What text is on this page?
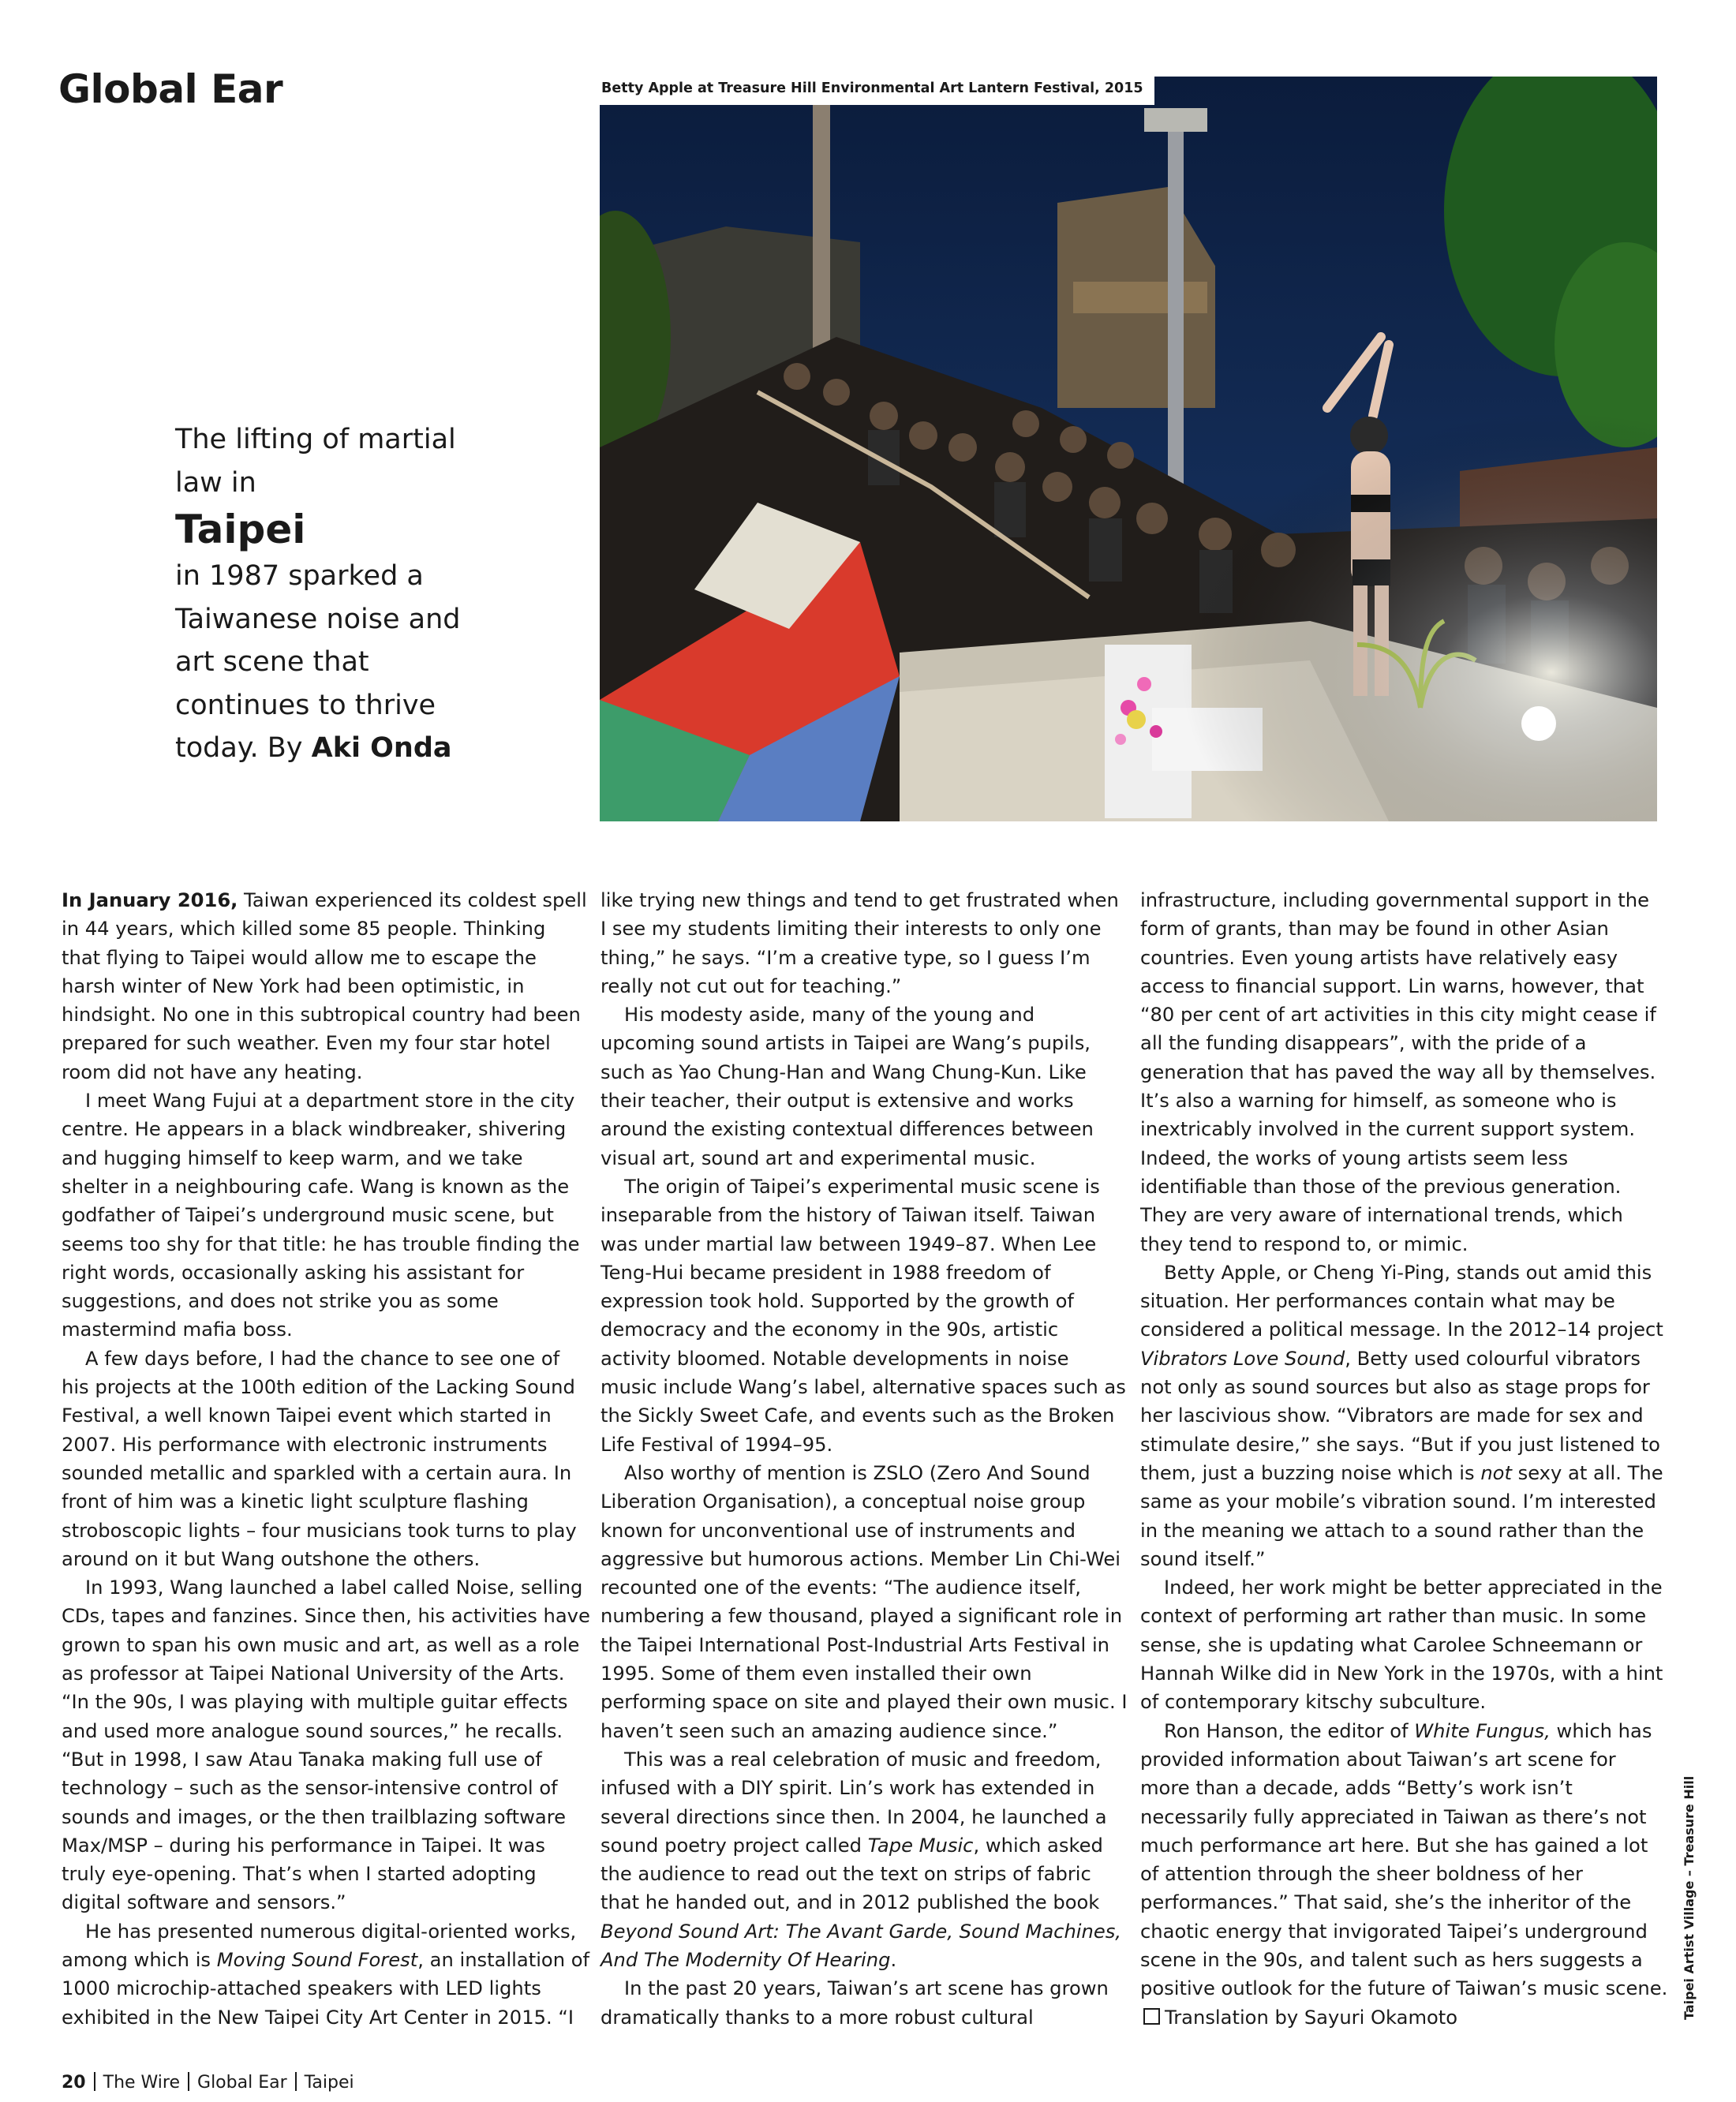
Global Ear	Betty Apple at Treasure Hill Environmental Art Lantern Festival, 2015
The lifting of martial law in
Taipei
in 1987 sparked a Taiwanese noise and art scene that continues to thrive today. By Aki Onda

In January 2016, Taiwan experienced its coldest spell in 44 years, which killed some 85 people. Thinking that flying to Taipei would allow me to escape the harsh winter of New York had been optimistic, in hindsight. No one in this subtropical country had been prepared for such weather. Even my four star hotel room did not have any heating.

I meet Wang Fujui at a department store in the city centre. He appears in a black windbreaker, shivering and hugging himself to keep warm, and we take shelter in a neighbouring cafe. Wang is known as the godfather of Taipei’s underground music scene, but seems too shy for that title: he has trouble finding the right words, occasionally asking his assistant for suggestions, and does not strike you as some mastermind mafia boss.

A few days before, I had the chance to see one of his projects at the 100th edition of the Lacking Sound Festival, a well known Taipei event which started in 2007. His performance with electronic instruments sounded metallic and sparkled with a certain aura. In front of him was a kinetic light sculpture flashing stroboscopic lights – four musicians took turns to play around on it but Wang outshone the others.

In 1993, Wang launched a label called Noise, selling CDs, tapes and fanzines. Since then, his activities have grown to span his own music and art, as well as a role as professor at Taipei National University of the Arts. “In the 90s, I was playing with multiple guitar effects and used more analogue sound sources,” he recalls. “But in 1998, I saw Atau Tanaka making full use of technology – such as the sensor-intensive control of sounds and images, or the then trailblazing software Max/MSP – during his performance in Taipei. It was truly eye-opening. That’s when I started adopting digital software and sensors.”

He has presented numerous digital-oriented works, among which is Moving Sound Forest, an installation of 1000 microchip-attached speakers with LED lights exhibited in the New Taipei City Art Center in 2015. “I

like trying new things and tend to get frustrated when I see my students limiting their interests to only one thing,” he says. “I’m a creative type, so I guess I’m really not cut out for teaching.”

His modesty aside, many of the young and upcoming sound artists in Taipei are Wang’s pupils, such as Yao Chung-Han and Wang Chung-Kun. Like their teacher, their output is extensive and works around the existing contextual differences between visual art, sound art and experimental music.

The origin of Taipei’s experimental music scene is inseparable from the history of Taiwan itself. Taiwan was under martial law between 1949–87. When Lee Teng-Hui became president in 1988 freedom of expression took hold. Supported by the growth of democracy and the economy in the 90s, artistic activity bloomed. Notable developments in noise music include Wang’s label, alternative spaces such as the Sickly Sweet Cafe, and events such as the Broken Life Festival of 1994–95.

Also worthy of mention is ZSLO (Zero And Sound Liberation Organisation), a conceptual noise group known for unconventional use of instruments and aggressive but humorous actions. Member Lin Chi-Wei recounted one of the events: “The audience itself, numbering a few thousand, played a significant role in the Taipei International Post-Industrial Arts Festival in 1995. Some of them even installed their own performing space on site and played their own music. I haven’t seen such an amazing audience since.”

This was a real celebration of music and freedom, infused with a DIY spirit. Lin’s work has extended in several directions since then. In 2004, he launched a sound poetry project called Tape Music, which asked the audience to read out the text on strips of fabric that he handed out, and in 2012 published the book Beyond Sound Art: The Avant Garde, Sound Machines, And The Modernity Of Hearing.

In the past 20 years, Taiwan’s art scene has grown dramatically thanks to a more robust cultural

infrastructure, including governmental support in the form of grants, than may be found in other Asian countries. Even young artists have relatively easy access to financial support. Lin warns, however, that “80 per cent of art activities in this city might cease if all the funding disappears”, with the pride of a generation that has paved the way all by themselves. It’s also a warning for himself, as someone who is inextricably involved in the current support system. Indeed, the works of young artists seem less identifiable than those of the previous generation. They are very aware of international trends, which they tend to respond to, or mimic.

Betty Apple, or Cheng Yi-Ping, stands out amid this situation. Her performances contain what may be considered a political message. In the 2012–14 project Vibrators Love Sound, Betty used colourful vibrators not only as sound sources but also as stage props for her lascivious show. “Vibrators are made for sex and stimulate desire,” she says. “But if you just listened to them, just a buzzing noise which is not sexy at all. The same as your mobile’s vibration sound. I’m interested in the meaning we attach to a sound rather than the sound itself.”

Indeed, her work might be better appreciated in the context of performing art rather than music. In some sense, she is updating what Carolee Schneemann or Hannah Wilke did in New York in the 1970s, with a hint of contemporary kitschy subculture.

Ron Hanson, the editor of White Fungus, which has provided information about Taiwan’s art scene for more than a decade, adds “Betty’s work isn’t necessarily fully appreciated in Taiwan as there’s not much performance art here. But she has gained a lot of attention through the sheer boldness of her performances.” That said, she’s the inheritor of the chaotic energy that invigorated Taipei’s underground scene in the 90s, and talent such as hers suggests a positive outlook for the future of Taiwan’s music scene.Translation by Sayuri Okamoto	Taipei Artist Village – Treasure Hill
20 The Wire Global Ear Taipei
